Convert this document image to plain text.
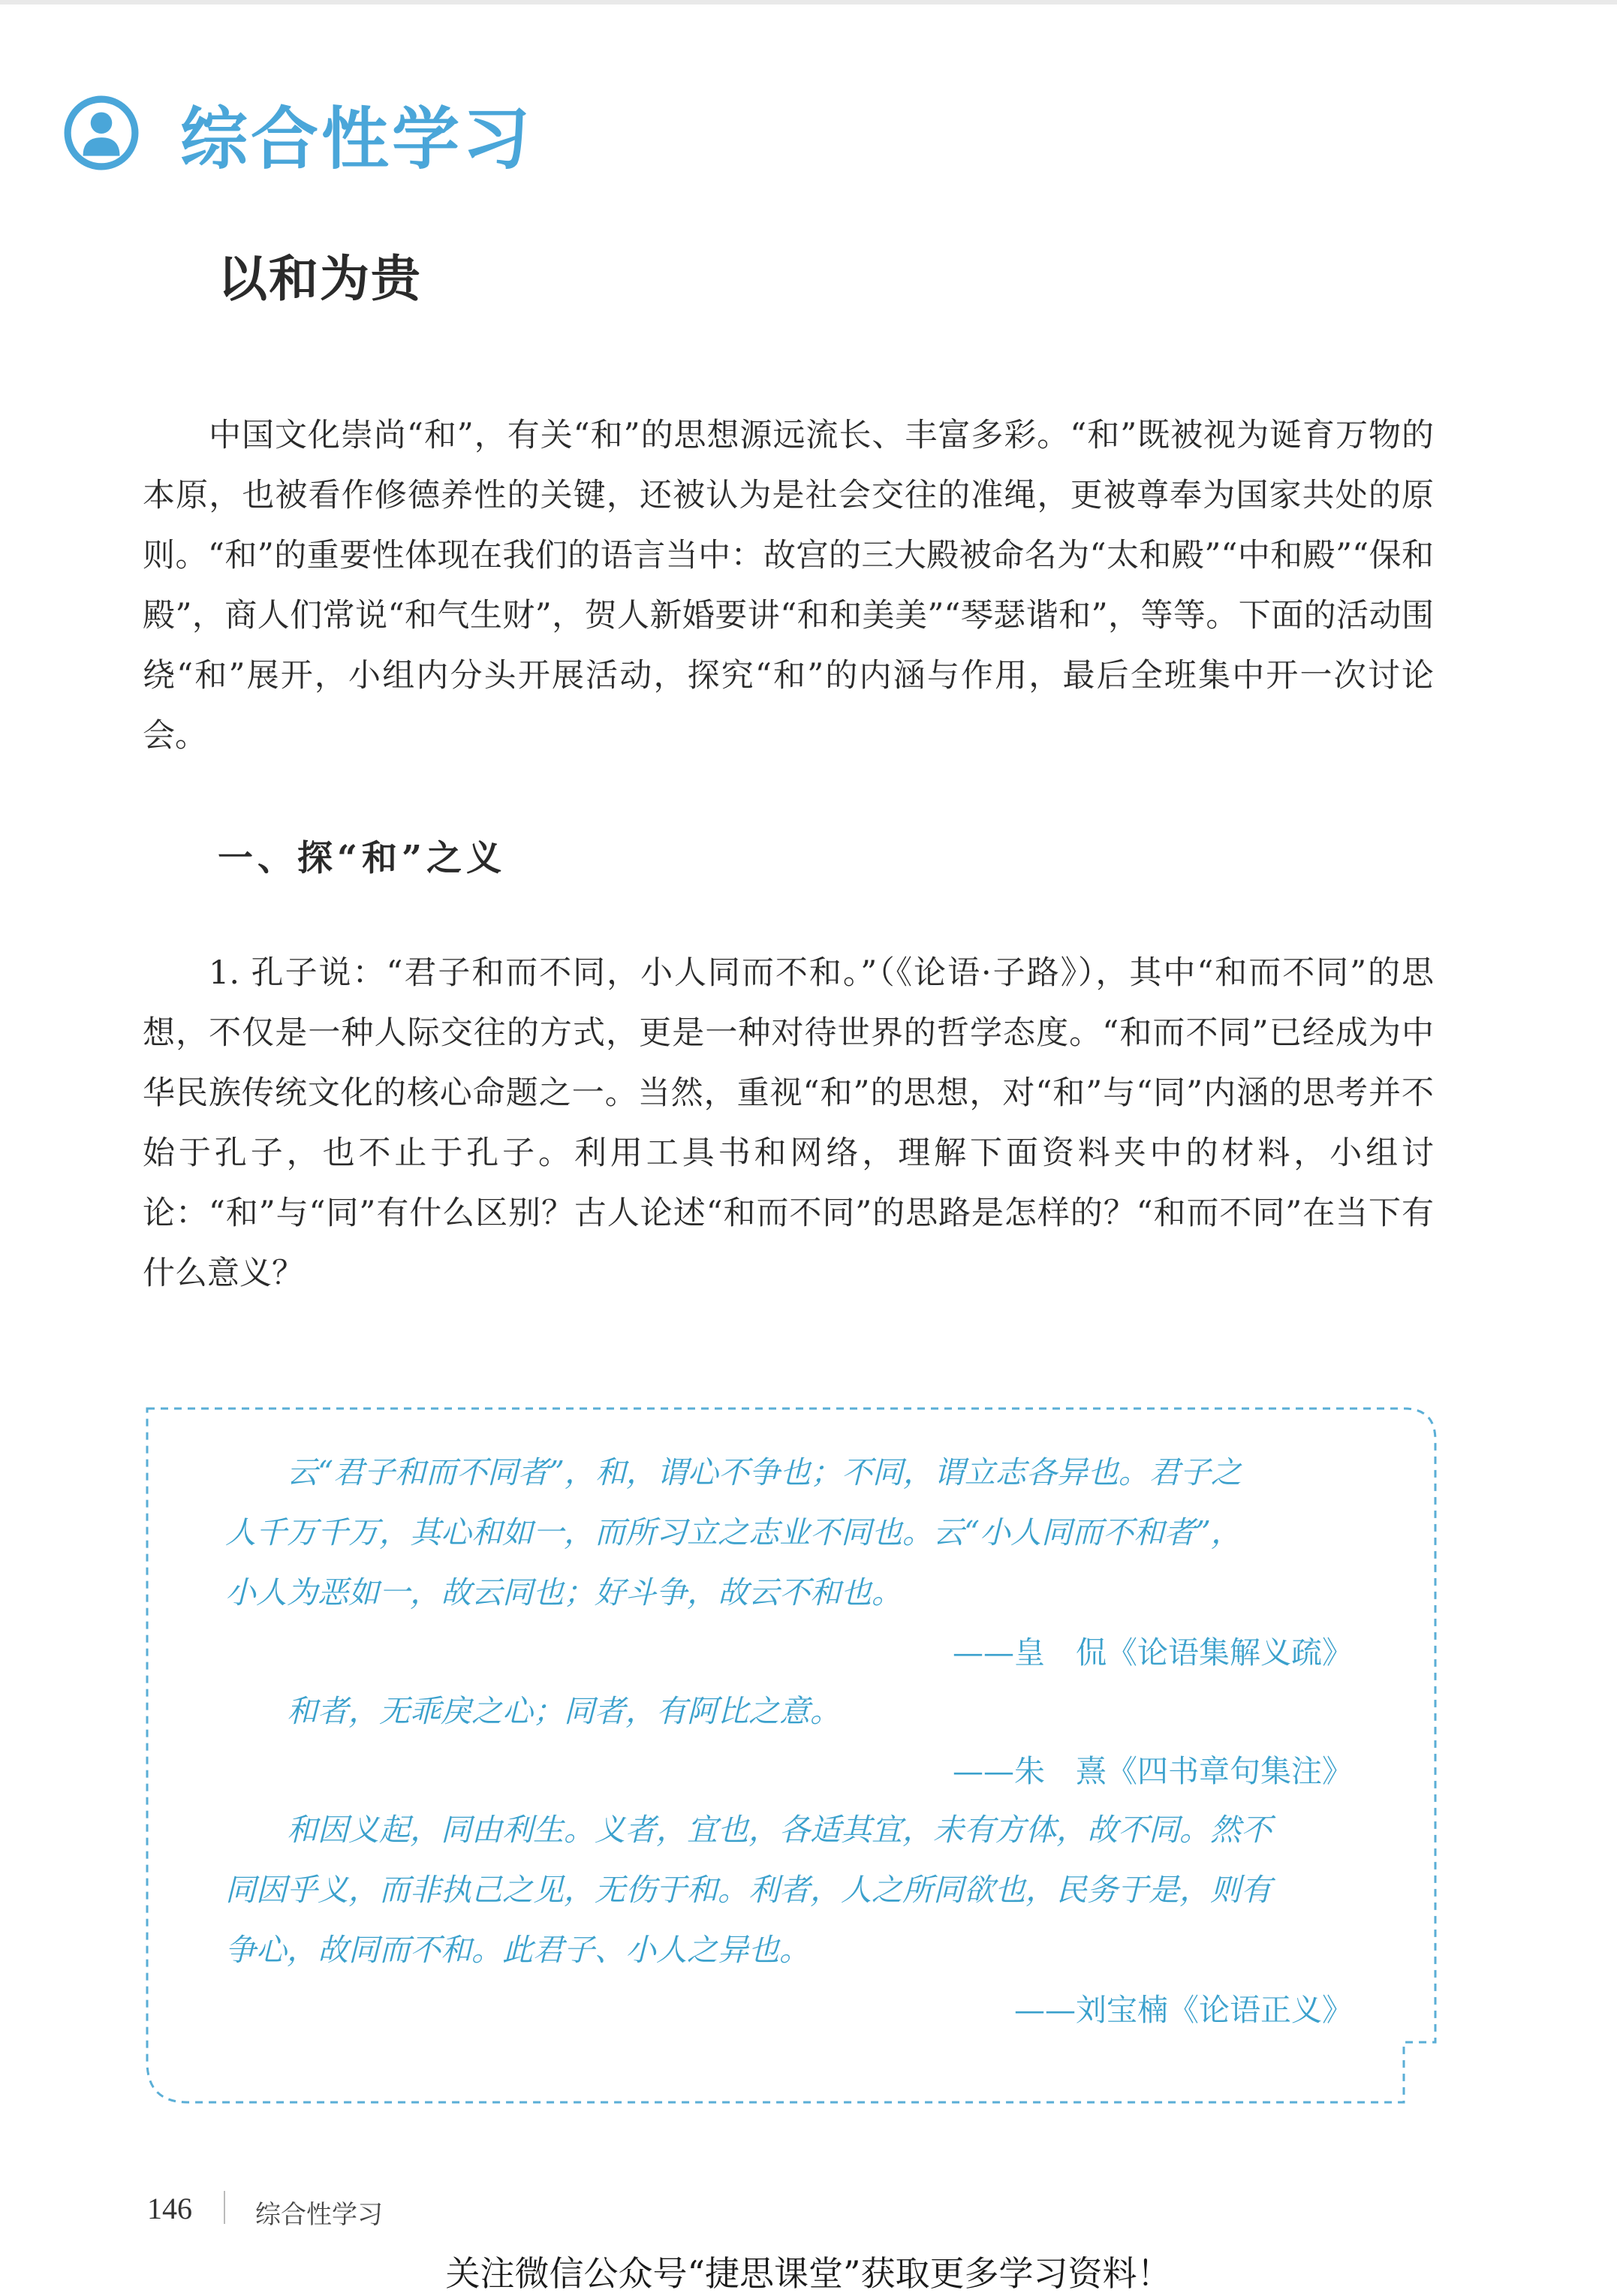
综合性学习
以和为贵

中国文化崇尚“和”，有关“和”的思想源远流长、丰富多彩。“和”既被视为诞育万物的本原，也被看作修德养性的关键，还被认为是社会交往的准绳，更被尊奉为国家共处的原则。“和”的重要性体现在我们的语言当中：故宫的三大殿被命名为“太和殿”“中和殿”“保和殿”，商人们常说“和气生财”，贺人新婚要讲“和和美美”“琴瑟谐和”，等等。下面的活动围绕“和”展开，小组内分头开展活动，探究“和”的内涵与作用，最后全班集中开一次讨论会。

一、探“和”之义

1. 孔子说：“君子和而不同，小人同而不和。”（《论语·子路》），其中“和而不同”的思想，不仅是一种人际交往的方式，更是一种对待世界的哲学态度。“和而不同”已经成为中华民族传统文化的核心命题之一。当然，重视“和”的思想，对“和”与“同”内涵的思考并不始于孔子，也不止于孔子。利用工具书和网络，理解下面资料夹中的材料，小组讨论：“和”与“同”有什么区别？古人论述“和而不同”的思路是怎样的？“和而不同”在当下有什么意义？

　　云“君子和而不同者”，和，谓心不争也；不同，谓立志各异也。君子之

人千万千万，其心和如一，而所习立之志业不同也。云“小人同而不和者”，

小人为恶如一，故云同也；好斗争，故云不和也。

——皇　侃《论语集解义疏》

　　和者，无乖戾之心；同者，有阿比之意。

——朱　熹《四书章句集注》

　　和因义起，同由利生。义者，宜也，各适其宜，未有方体，故不同。然不

同因乎义，而非执己之见，无伤于和。利者，人之所同欲也，民务于是，则有

争心，故同而不和。此君子、小人之异也。

——刘宝楠《论语正义》

146 综合性学习
关注微信公众号“捷思课堂”获取更多学习资料！
